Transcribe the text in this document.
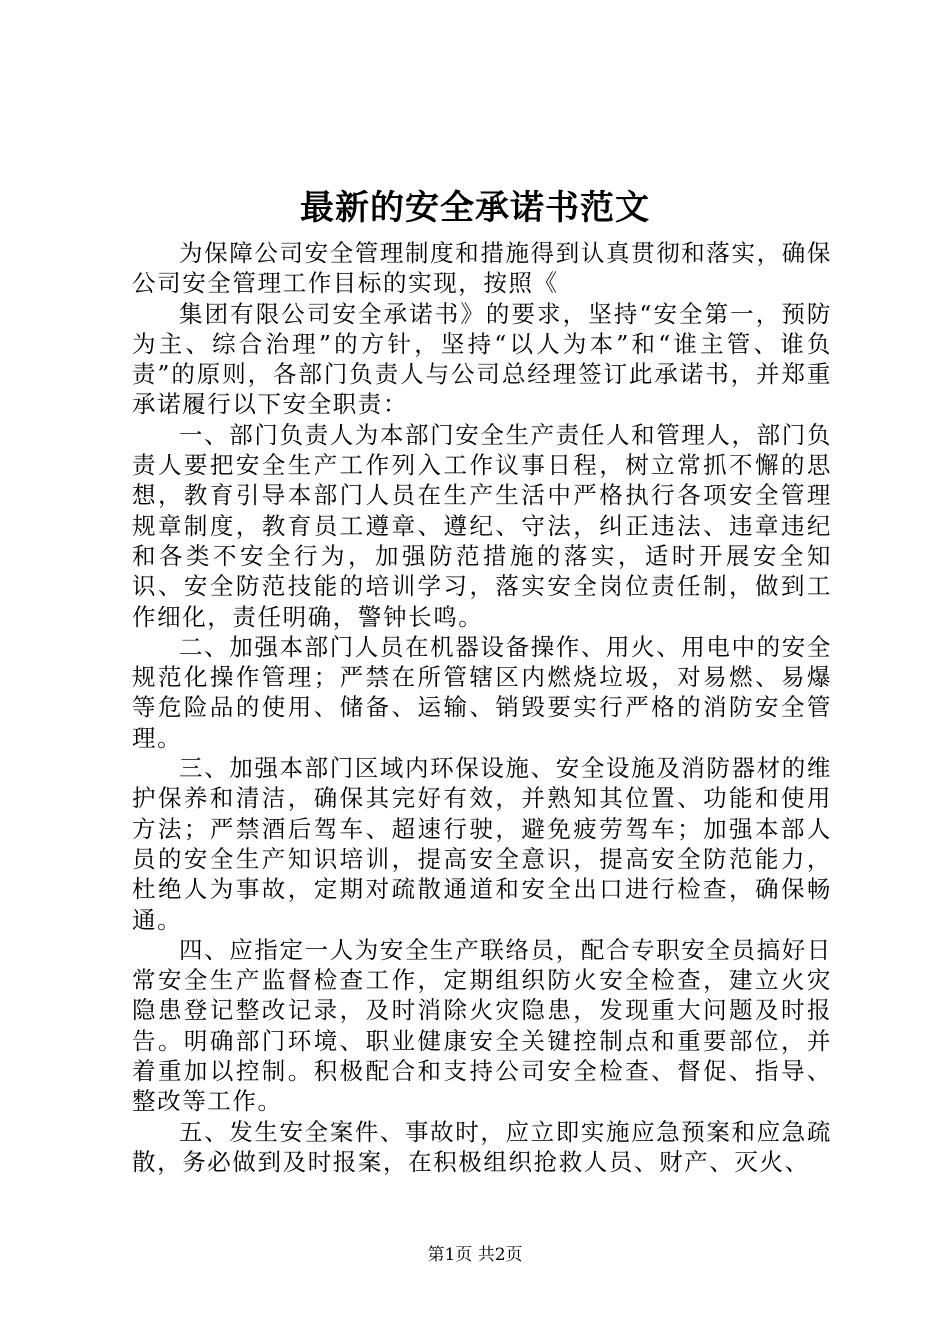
最新的安全承诺书范文

为保障公司安全管理制度和措施得到认真贯彻和落实，确保公司安全管理工作目标的实现，按照《

集团有限公司安全承诺书》的要求，坚持“安全第一，预防为主、综合治理”的方针，坚持“以人为本”和“谁主管、谁负责”的原则，各部门负责人与公司总经理签订此承诺书，并郑重承诺履行以下安全职责：

一、部门负责人为本部门安全生产责任人和管理人，部门负责人要把安全生产工作列入工作议事日程，树立常抓不懈的思想，教育引导本部门人员在生产生活中严格执行各项安全管理规章制度，教育员工遵章、遵纪、守法，纠正违法、违章违纪和各类不安全行为，加强防范措施的落实，适时开展安全知识、安全防范技能的培训学习，落实安全岗位责任制，做到工作细化，责任明确，警钟长鸣。

二、加强本部门人员在机器设备操作、用火、用电中的安全规范化操作管理；严禁在所管辖区内燃烧垃圾，对易燃、易爆等危险品的使用、储备、运输、销毁要实行严格的消防安全管理。

三、加强本部门区域内环保设施、安全设施及消防器材的维护保养和清洁，确保其完好有效，并熟知其位置、功能和使用方法；严禁酒后驾车、超速行驶，避免疲劳驾车；加强本部人员的安全生产知识培训，提高安全意识，提高安全防范能力，杜绝人为事故，定期对疏散通道和安全出口进行检查，确保畅通。

四、应指定一人为安全生产联络员，配合专职安全员搞好日常安全生产监督检查工作，定期组织防火安全检查，建立火灾隐患登记整改记录，及时消除火灾隐患，发现重大问题及时报告。明确部门环境、职业健康安全关键控制点和重要部位，并着重加以控制。积极配合和支持公司安全检查、督促、指导、整改等工作。

五、发生安全案件、事故时，应立即实施应急预案和应急疏散，务必做到及时报案，在积极组织抢救人员、财产、灭火、

第1页 共2页
